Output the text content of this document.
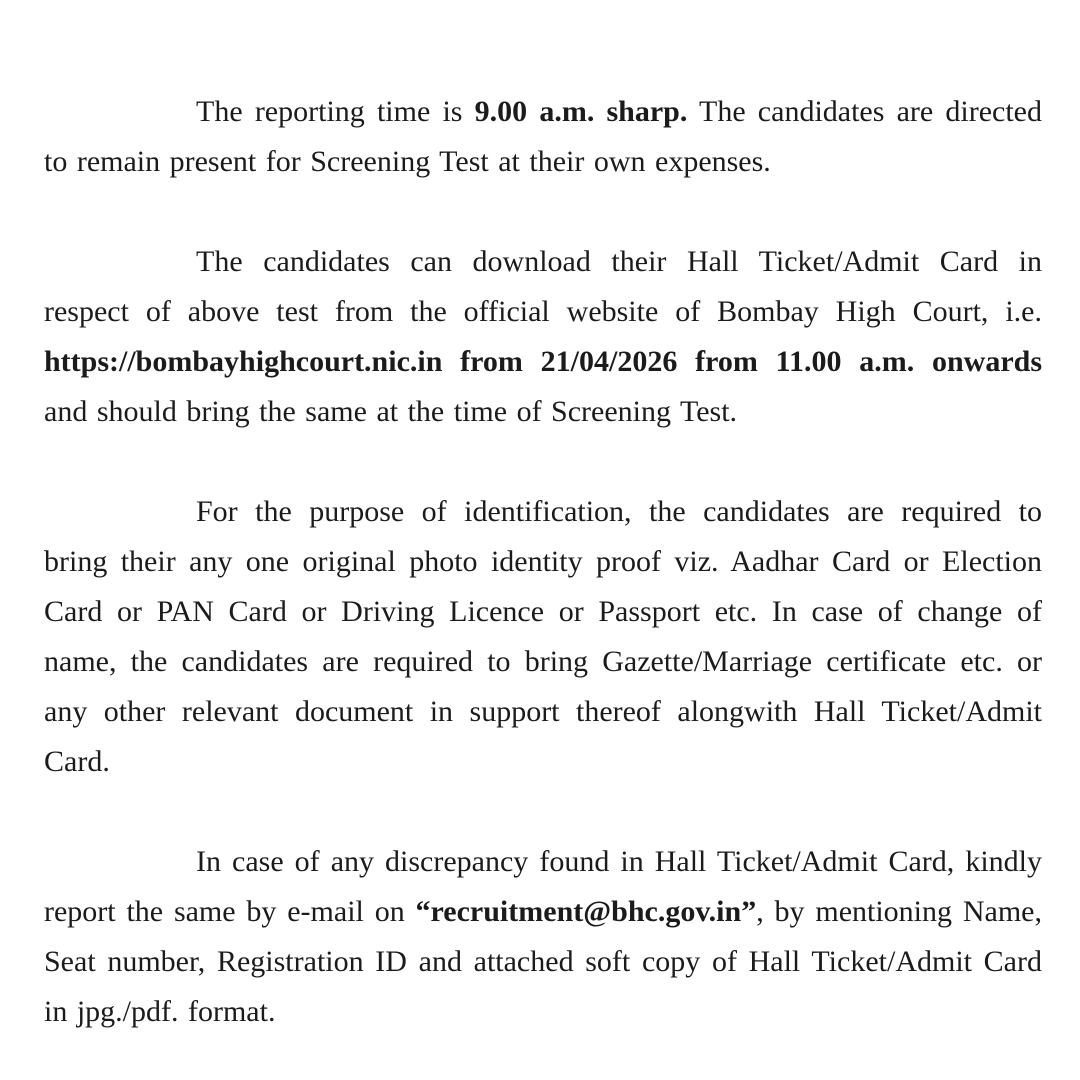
The reporting time is 9.00 a.m. sharp. The candidates are directed to remain present for Screening Test at their own expenses.

The candidates can download their Hall Ticket/Admit Card in respect of above test from the official website of Bombay High Court, i.e. https://bombayhighcourt.nic.in from 21/04/2026 from 11.00 a.m. onwards and should bring the same at the time of Screening Test.

For the purpose of identification, the candidates are required to bring their any one original photo identity proof viz. Aadhar Card or Election Card or PAN Card or Driving Licence or Passport etc. In case of change of name, the candidates are required to bring Gazette/Marriage certificate etc. or any other relevant document in support thereof alongwith Hall Ticket/Admit Card.

In case of any discrepancy found in Hall Ticket/Admit Card, kindly report the same by e-mail on “recruitment@bhc.gov.in”, by mentioning Name, Seat number, Registration ID and attached soft copy of Hall Ticket/Admit Card in jpg./pdf. format.
